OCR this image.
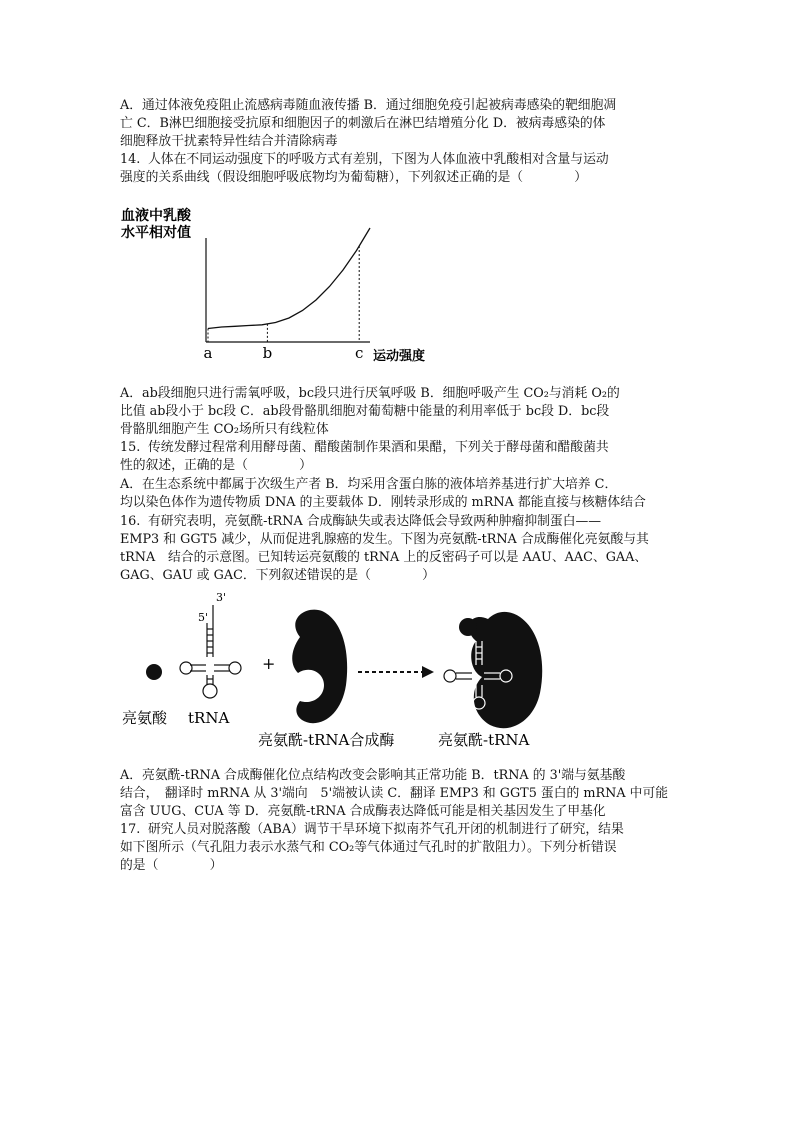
A．通过体液免疫阻止流感病毒随血液传播 B．通过细胞免疫引起被病毒感染的靶细胞凋
亡 C．B淋巴细胞接受抗原和细胞因子的刺激后在淋巴结增殖分化 D．被病毒感染的体
细胞释放干扰素特异性结合并清除病毒
14. 人体在不同运动强度下的呼吸方式有差别，下图为人体血液中乳酸相对含量与运动
强度的关系曲线（假设细胞呼吸底物均为葡萄糖），下列叙述正确的是（　　　　）
血液中乳酸
水平相对值
a	b	c 运动强度
A．ab段细胞只进行需氧呼吸，bc段只进行厌氧呼吸 B．细胞呼吸产生 CO₂与消耗 O₂的
比值 ab段小于 bc段 C．ab段骨骼肌细胞对葡萄糖中能量的利用率低于 bc段 D．bc段
骨骼肌细胞产生 CO₂场所只有线粒体
15. 传统发酵过程常利用酵母菌、醋酸菌制作果酒和果醋，下列关于酵母菌和醋酸菌共
性的叙述，正确的是（　　　　）
A．在生态系统中都属于次级生产者 B．均采用含蛋白胨的液体培养基进行扩大培养 C．
均以染色体作为遗传物质 DNA 的主要载体 D．刚转录形成的 mRNA 都能直接与核糖体结合
16. 有研究表明，亮氨酰-tRNA 合成酶缺失或表达降低会导致两种肿瘤抑制蛋白——
EMP3 和 GGT5 减少，从而促进乳腺癌的发生。下图为亮氨酰-tRNA 合成酶催化亮氨酸与其
tRNA　结合的示意图。已知转运亮氨酸的 tRNA 上的反密码子可以是 AAU、AAC、GAA、
GAG、GAU 或 GAC．下列叙述错误的是（　　　　）
亮氨酸
3'
5'
tRNA
+
亮氨酰-tRNA合成酶	亮氨酰-tRNA
A．亮氨酰-tRNA 合成酶催化位点结构改变会影响其正常功能 B．tRNA 的 3'端与氨基酸
结合，　翻译时 mRNA 从 3'端向　5'端被认读 C．翻译 EMP3 和 GGT5 蛋白的 mRNA 中可能
富含 UUG、CUA 等 D．亮氨酰-tRNA 合成酶表达降低可能是相关基因发生了甲基化
17. 研究人员对脱落酸（ABA）调节干旱环境下拟南芥气孔开闭的机制进行了研究，结果
如下图所示（气孔阻力表示水蒸气和 CO₂等气体通过气孔时的扩散阻力）。下列分析错误
的是（　　　　）
